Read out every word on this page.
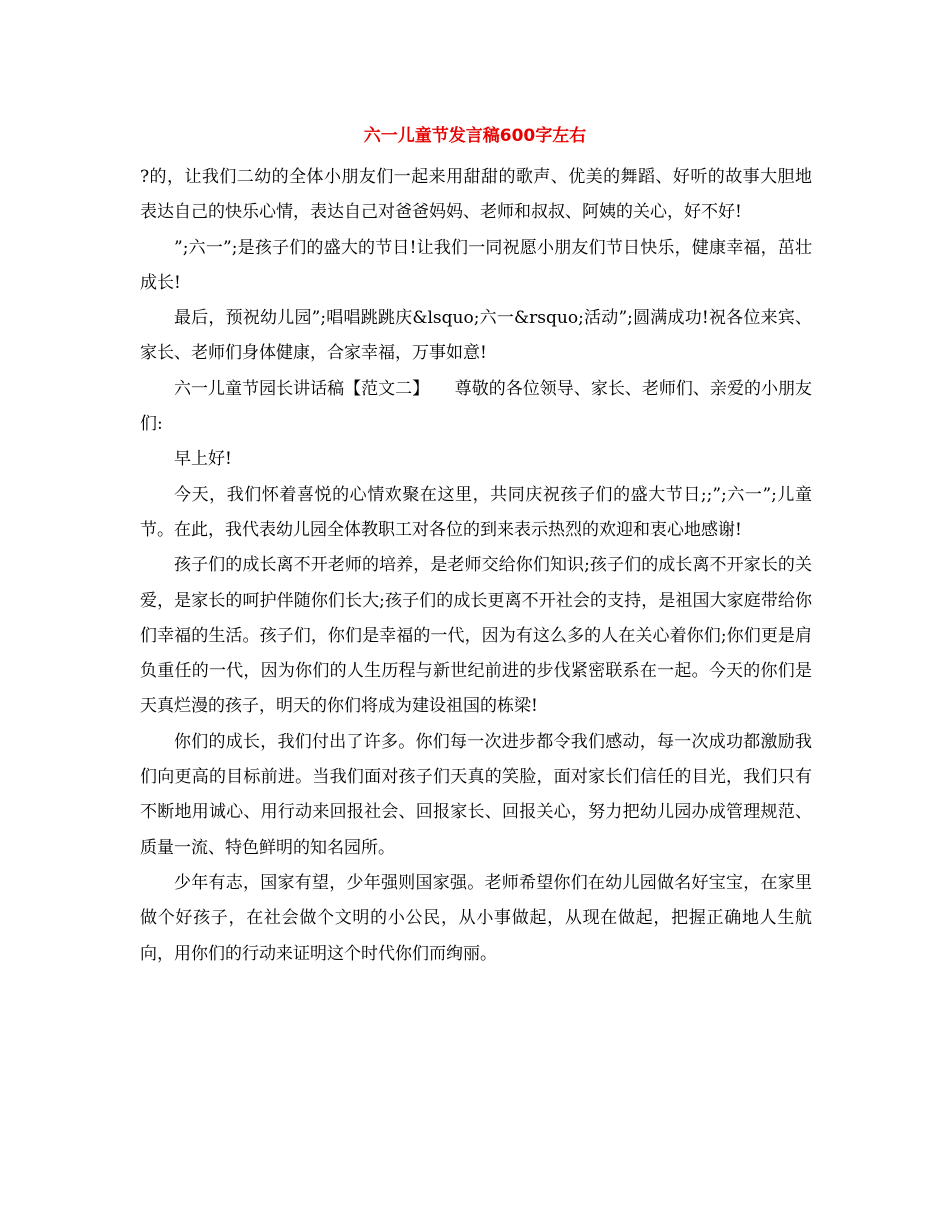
六一儿童节发言稿600字左右

?的，让我们二幼的全体小朋友们一起来用甜甜的歌声、优美的舞蹈、好听的故事大胆地表达自己的快乐心情，表达自己对爸爸妈妈、老师和叔叔、阿姨的关心，好不好!

”;六一”;是孩子们的盛大的节日!让我们一同祝愿小朋友们节日快乐，健康幸福，茁壮成长!

最后，预祝幼儿园”;唱唱跳跳庆&lsquo;六一&rsquo;活动”;圆满成功!祝各位来宾、家长、老师们身体健康，合家幸福，万事如意!

六一儿童节园长讲话稿【范文二】　　尊敬的各位领导、家长、老师们、亲爱的小朋友们:

早上好!

今天，我们怀着喜悦的心情欢聚在这里，共同庆祝孩子们的盛大节日;;”;六一”;儿童节。在此，我代表幼儿园全体教职工对各位的到来表示热烈的欢迎和衷心地感谢!

孩子们的成长离不开老师的培养，是老师交给你们知识;孩子们的成长离不开家长的关爱，是家长的呵护伴随你们长大;孩子们的成长更离不开社会的支持，是祖国大家庭带给你们幸福的生活。孩子们，你们是幸福的一代，因为有这么多的人在关心着你们;你们更是肩负重任的一代，因为你们的人生历程与新世纪前进的步伐紧密联系在一起。今天的你们是天真烂漫的孩子，明天的你们将成为建设祖国的栋梁!

你们的成长，我们付出了许多。你们每一次进步都令我们感动，每一次成功都激励我们向更高的目标前进。当我们面对孩子们天真的笑脸，面对家长们信任的目光，我们只有不断地用诚心、用行动来回报社会、回报家长、回报关心，努力把幼儿园办成管理规范、质量一流、特色鲜明的知名园所。

少年有志，国家有望，少年强则国家强。老师希望你们在幼儿园做名好宝宝，在家里做个好孩子，在社会做个文明的小公民，从小事做起，从现在做起，把握正确地人生航向，用你们的行动来证明这个时代你们而绚丽。
